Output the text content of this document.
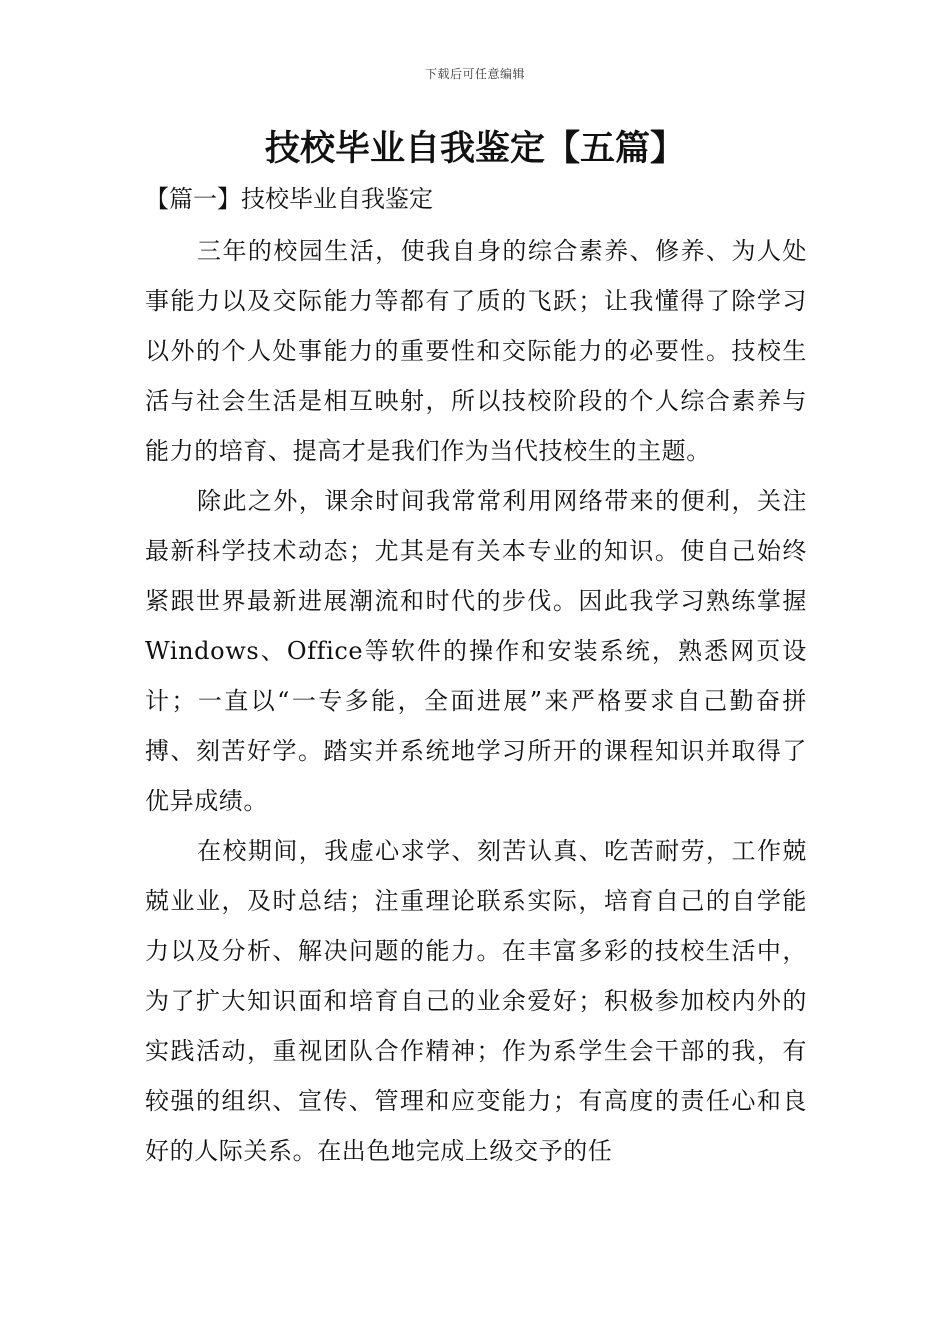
下载后可任意编辑
技校毕业自我鉴定【五篇】
【篇一】技校毕业自我鉴定

三年的校园生活，使我自身的综合素养、修养、为人处事能力以及交际能力等都有了质的飞跃；让我懂得了除学习以外的个人处事能力的重要性和交际能力的必要性。技校生活与社会生活是相互映射，所以技校阶段的个人综合素养与能力的培育、提高才是我们作为当代技校生的主题。

除此之外，课余时间我常常利用网络带来的便利，关注最新科学技术动态；尤其是有关本专业的知识。使自己始终紧跟世界最新进展潮流和时代的步伐。因此我学习熟练掌握Windows、Office等软件的操作和安装系统，熟悉网页设计；一直以“一专多能，全面进展”来严格要求自己勤奋拼搏、刻苦好学。踏实并系统地学习所开的课程知识并取得了优异成绩。

在校期间，我虚心求学、刻苦认真、吃苦耐劳，工作兢兢业业，及时总结；注重理论联系实际，培育自己的自学能力以及分析、解决问题的能力。在丰富多彩的技校生活中，为了扩大知识面和培育自己的业余爱好；积极参加校内外的实践活动，重视团队合作精神；作为系学生会干部的我，有较强的组织、宣传、管理和应变能力；有高度的责任心和良好的人际关系。在出色地完成上级交予的任
